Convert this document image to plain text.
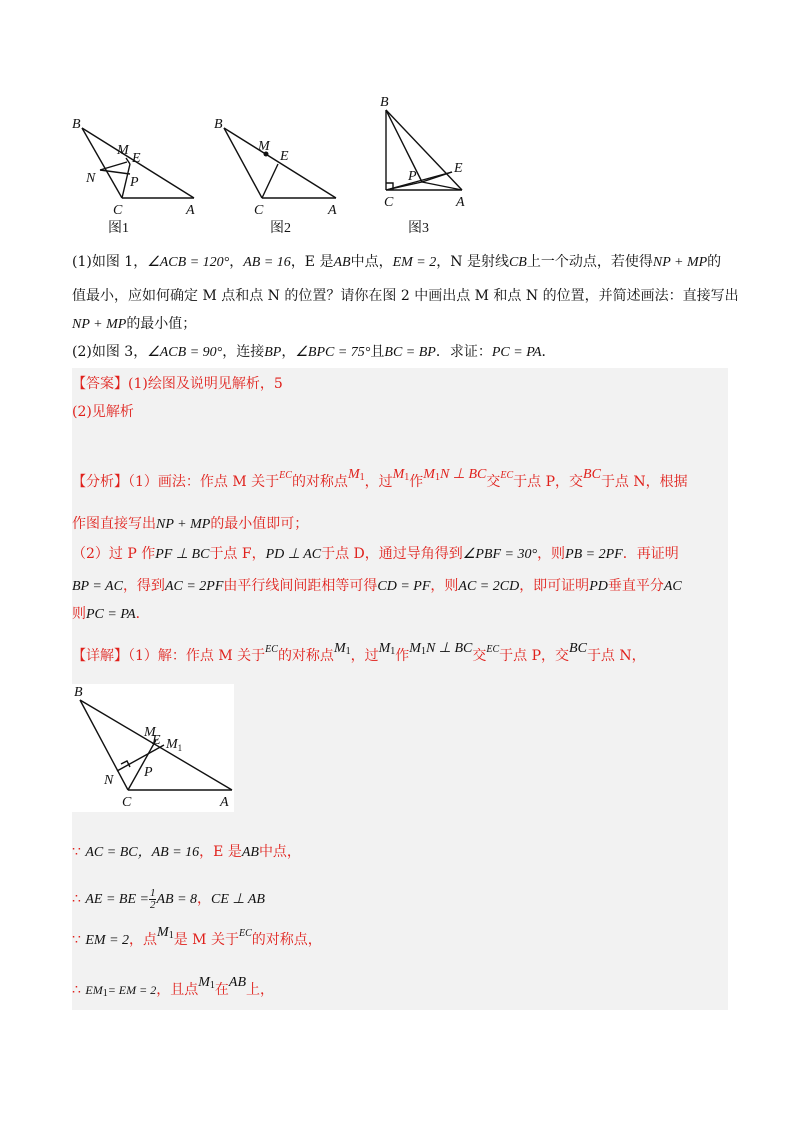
B
M
E
N P
C	A
图1
B
M
E
C	A
图2
B
E
P
C	A
图3
(1)如图 1，∠ACB = 120°，AB = 16，E 是AB中点，EM = 2，N 是射线CB上一个动点，若使得NP + MP的
值最小，应如何确定 M 点和点 N 的位置？请你在图 2 中画出点 M 和点 N 的位置，并简述画法：直接写出
NP + MP的最小值；
(2)如图 3，∠ACB = 90°，连接BP，∠BPC = 75°且BC = BP．求证：PC = PA．
【答案】(1)绘图及说明见解析，5
(2)见解析
【分析】（1）画法：作点 M 关于$^{EC}$的对称点$M_1$，过$M_1$作$M_1N$ ⊥ BC交$^{EC}$于点 P，交BC于点 N，根据
作图直接写出NP + MP的最小值即可；
（2）过 P 作PF ⊥ BC于点 F，PD ⊥ AC于点 D，通过导角得到∠PBF = 30°，则PB = 2PF．再证明
BP = AC，得到AC = 2PF由平行线间间距相等可得CD = PF，则AC = 2CD，即可证明PD垂直平分AC
则PC = PA．
【详解】（1）解：作点 M 关于$^{EC}$的对称点$M_1$，过$M_1$作$M_1N$ ⊥ BC交$^{EC}$于点 P，交BC于点 N，
B
M
E $M_1$
N
P
C	A
∵ AC = BC，AB = 16，E 是AB中点，
∴ AE = BE = $\frac{1}{2}$ AB = 8，CE ⊥ AB
∵ EM = 2，点$M_1$是 M 关于$^{EC}$的对称点，
∴ $EM_1=$ EM = 2，且点$M_1$在AB上，
